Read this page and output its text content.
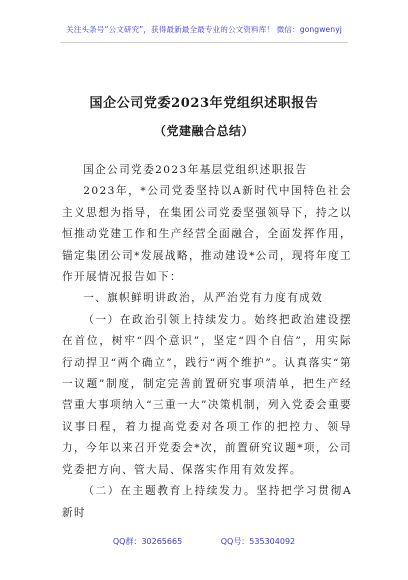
关注头条号“公文研究”，获得最新最全最专业的公文资料库！ 微信：gongwenyj
国企公司党委2023年党组织述职报告
（党建融合总结）

国企公司党委2023年基层党组织述职报告

2023年，*公司党委坚持以A新时代中国特色社会主义思想为指导，在集团公司党委坚强领导下，持之以恒推动党建工作和生产经营全面融合，全面发挥作用，锚定集团公司*发展战略，推动建设*公司，现将年度工作开展情况报告如下：

一、旗帜鲜明讲政治，从严治党有力度有成效

（一）在政治引领上持续发力。始终把政治建设摆在首位，树牢“四个意识”，坚定“四个自信”，用实际行动捍卫“两个确立”，践行“两个维护”。认真落实“第一议题”制度，制定完善前置研究事项清单，把生产经营重大事项纳入“三重一大”决策机制，列入党委会重要议事日程，着力提高党委对各项工作的把控力、领导力，今年以来召开党委会*次，前置研究议题*项，公司党委把方向、管大局、保落实作用有效发挥。

（二）在主题教育上持续发力。坚持把学习贯彻A新时

QQ群：30265665	QQ号：535304092
